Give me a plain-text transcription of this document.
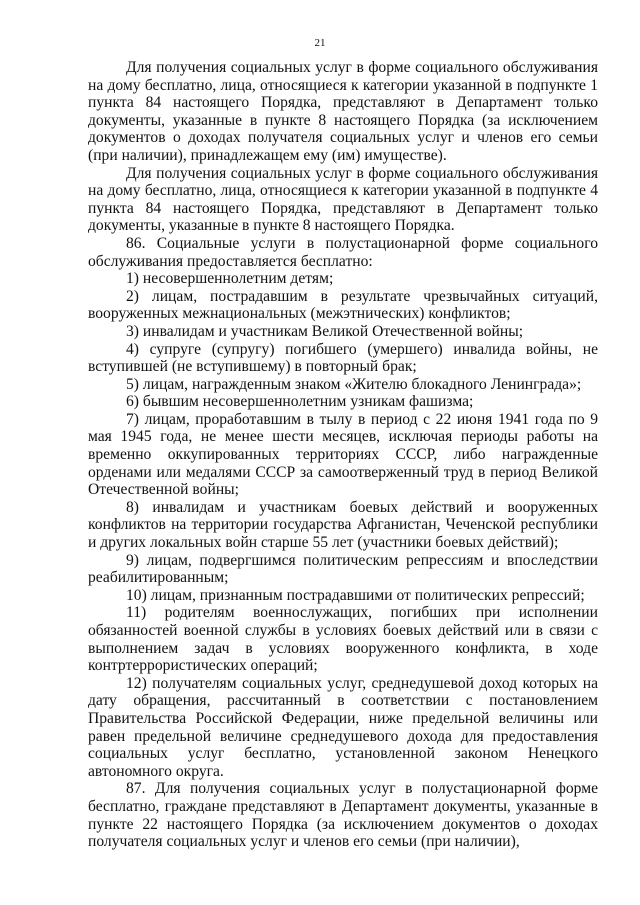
21

Для получения социальных услуг в форме социального обслуживания на дому бесплатно, лица, относящиеся к категории указанной в подпункте 1 пункта 84 настоящего Порядка, представляют в Департамент только документы, указанные в пункте 8 настоящего Порядка (за исключением документов о доходах получателя социальных услуг и членов его семьи (при наличии), принадлежащем ему (им) имуществе).

Для получения социальных услуг в форме социального обслуживания на дому бесплатно, лица, относящиеся к категории указанной в подпункте 4 пункта 84 настоящего Порядка, представляют в Департамент только документы, указанные в пункте 8 настоящего Порядка.

86. Социальные услуги в полустационарной форме социального обслуживания предоставляется бесплатно:

1) несовершеннолетним детям;

2) лицам, пострадавшим в результате чрезвычайных ситуаций, вооруженных межнациональных (межэтнических) конфликтов;

3) инвалидам и участникам Великой Отечественной войны;

4) супруге (супругу) погибшего (умершего) инвалида войны, не вступившей (не вступившему) в повторный брак;

5) лицам, награжденным знаком «Жителю блокадного Ленинграда»;

6) бывшим несовершеннолетним узникам фашизма;

7) лицам, проработавшим в тылу в период с 22 июня 1941 года по 9 мая 1945 года, не менее шести месяцев, исключая периоды работы на временно оккупированных территориях СССР, либо награжденные орденами или медалями СССР за самоотверженный труд в период Великой Отечественной войны;

8) инвалидам и участникам боевых действий и вооруженных конфликтов на территории государства Афганистан, Чеченской республики и других локальных войн старше 55 лет (участники боевых действий);

9) лицам, подвергшимся политическим репрессиям и впоследствии реабилитированным;

10) лицам, признанным пострадавшими от политических репрессий;

11) родителям военнослужащих, погибших при исполнении обязанностей военной службы в условиях боевых действий или в связи с выполнением задач в условиях вооруженного конфликта, в ходе контртеррористических операций;

12) получателям социальных услуг, среднедушевой доход которых на дату обращения, рассчитанный в соответствии с постановлением Правительства Российской Федерации, ниже предельной величины или равен предельной величине среднедушевого дохода для предоставления социальных услуг бесплатно, установленной законом Ненецкого автономного округа.

87. Для получения социальных услуг в полустационарной форме бесплатно, граждане представляют в Департамент документы, указанные в пункте 22 настоящего Порядка (за исключением документов о доходах получателя социальных услуг и членов его семьи (при наличии),
